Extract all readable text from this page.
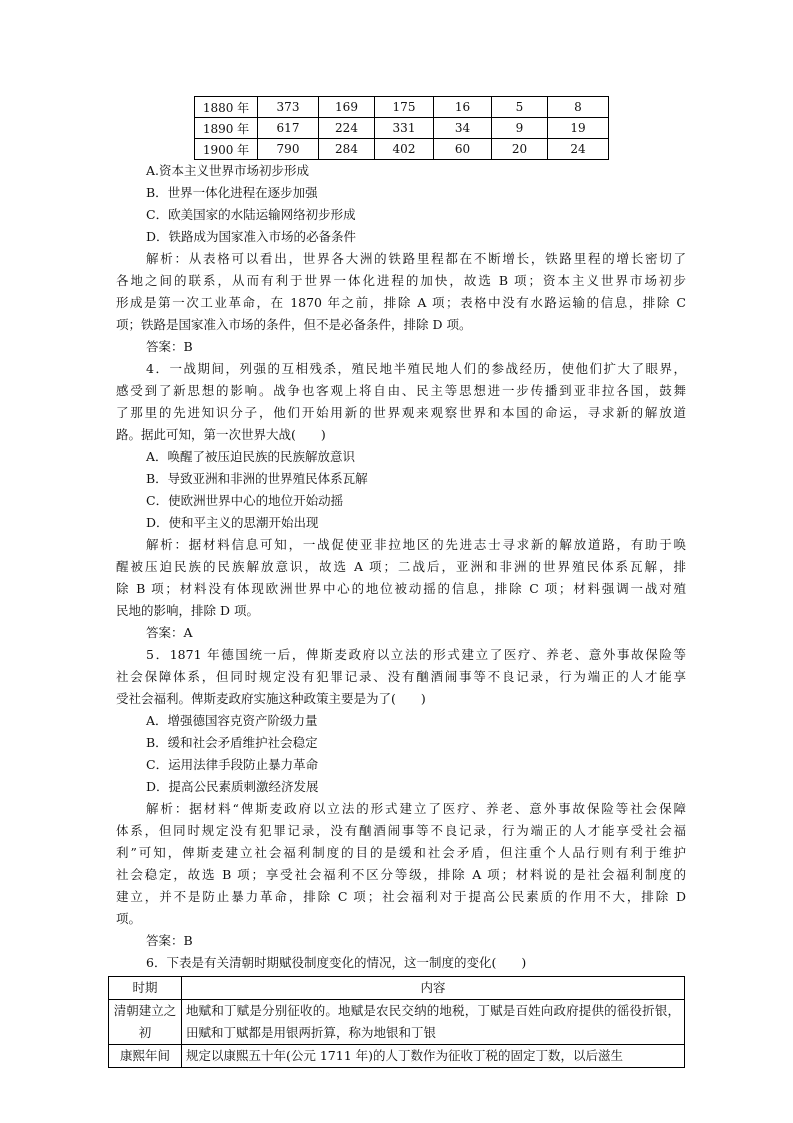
1880 年	373	169	175	16	5	8
1890 年	617	224	331	34	9	19
1900 年	790	284	402	60	20	24
A.资本主义世界市场初步形成
B．世界一体化进程在逐步加强
C．欧美国家的水陆运输网络初步形成
D．铁路成为国家准入市场的必备条件
解析：从表格可以看出，世界各大洲的铁路里程都在不断增长，铁路里程的增长密切了
各地之间的联系，从而有利于世界一体化进程的加快，故选 B 项；资本主义世界市场初步
形成是第一次工业革命，在 1870 年之前，排除 A 项；表格中没有水路运输的信息，排除 C
项；铁路是国家准入市场的条件，但不是必备条件，排除 D 项。
答案：B
4．一战期间，列强的互相残杀，殖民地半殖民地人们的参战经历，使他们扩大了眼界，
感受到了新思想的影响。战争也客观上将自由、民主等思想进一步传播到亚非拉各国，鼓舞
了那里的先进知识分子，他们开始用新的世界观来观察世界和本国的命运，寻求新的解放道
路。据此可知，第一次世界大战(　　)
A．唤醒了被压迫民族的民族解放意识
B．导致亚洲和非洲的世界殖民体系瓦解
C．使欧洲世界中心的地位开始动摇
D．使和平主义的思潮开始出现
解析：据材料信息可知，一战促使亚非拉地区的先进志士寻求新的解放道路，有助于唤
醒被压迫民族的民族解放意识，故选 A 项；二战后，亚洲和非洲的世界殖民体系瓦解，排
除 B 项；材料没有体现欧洲世界中心的地位被动摇的信息，排除 C 项；材料强调一战对殖
民地的影响，排除 D 项。
答案：A
5．1871 年德国统一后，俾斯麦政府以立法的形式建立了医疗、养老、意外事故保险等
社会保障体系，但同时规定没有犯罪记录、没有酗酒闹事等不良记录，行为端正的人才能享
受社会福利。俾斯麦政府实施这种政策主要是为了(　　)
A．增强德国容克资产阶级力量
B．缓和社会矛盾维护社会稳定
C．运用法律手段防止暴力革命
D．提高公民素质刺激经济发展
解析：据材料“俾斯麦政府以立法的形式建立了医疗、养老、意外事故保险等社会保障
体系，但同时规定没有犯罪记录，没有酗酒闹事等不良记录，行为端正的人才能享受社会福
利”可知，俾斯麦建立社会福利制度的目的是缓和社会矛盾，但注重个人品行则有利于维护
社会稳定，故选 B 项；享受社会福利不区分等级，排除 A 项；材料说的是社会福利制度的
建立，并不是防止暴力革命，排除 C 项；社会福利对于提高公民素质的作用不大，排除 D
项。
答案：B
6．下表是有关清朝时期赋役制度变化的情况，这一制度的变化(　　)
时期	内容
清朝建立之初	地赋和丁赋是分别征收的。地赋是农民交纳的地税，丁赋是百姓向政府提供的徭役折银，田赋和丁赋都是用银两折算，称为地银和丁银
康熙年间	规定以康熙五十年(公元 1711 年)的人丁数作为征收丁税的固定丁数，以后滋生
